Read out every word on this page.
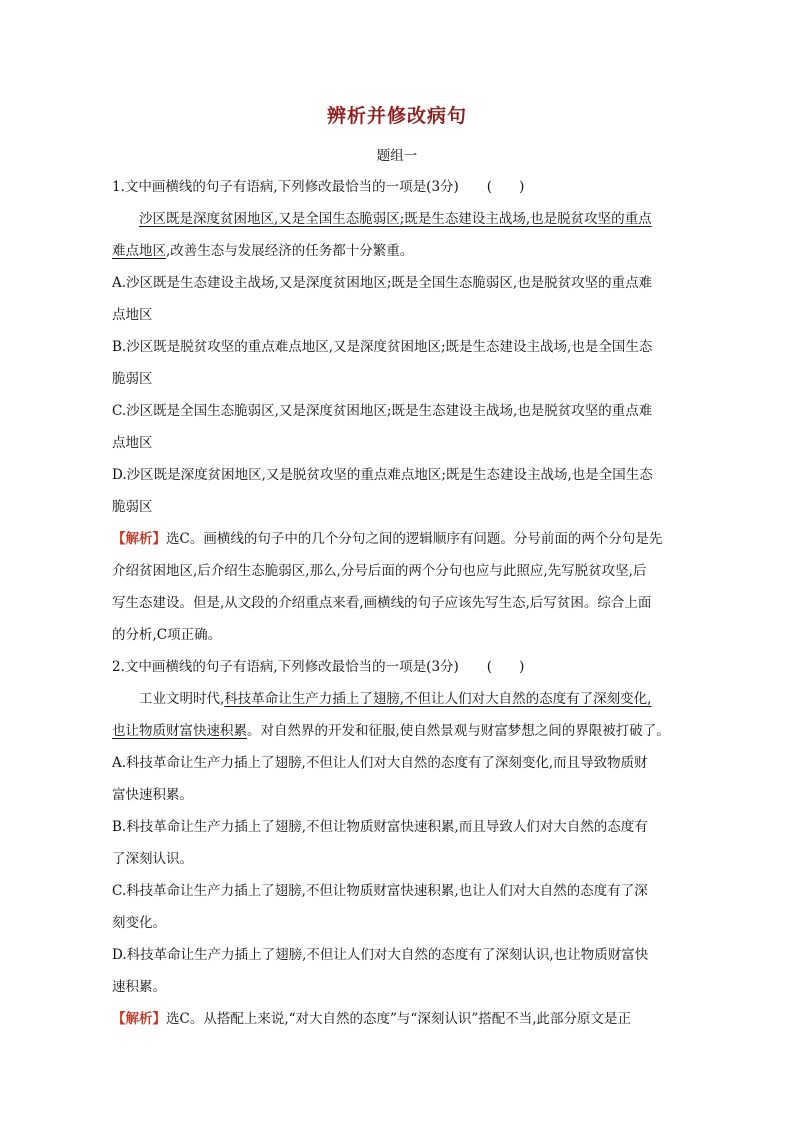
辨析并修改病句
题组一
1.文中画横线的句子有语病,下列修改最恰当的一项是(3分) (　　)
沙区既是深度贫困地区,又是全国生态脆弱区;既是生态建设主战场,也是脱贫攻坚的重点
难点地区,改善生态与发展经济的任务都十分繁重。
A.沙区既是生态建设主战场,又是深度贫困地区;既是全国生态脆弱区,也是脱贫攻坚的重点难
点地区
B.沙区既是脱贫攻坚的重点难点地区,又是深度贫困地区;既是生态建设主战场,也是全国生态
脆弱区
C.沙区既是全国生态脆弱区,又是深度贫困地区;既是生态建设主战场,也是脱贫攻坚的重点难
点地区
D.沙区既是深度贫困地区,又是脱贫攻坚的重点难点地区;既是生态建设主战场,也是全国生态
脆弱区
【解析】选C。画横线的句子中的几个分句之间的逻辑顺序有问题。分号前面的两个分句是先
介绍贫困地区,后介绍生态脆弱区,那么,分号后面的两个分句也应与此照应,先写脱贫攻坚,后
写生态建设。但是,从文段的介绍重点来看,画横线的句子应该先写生态,后写贫困。综合上面
的分析,C项正确。
2.文中画横线的句子有语病,下列修改最恰当的一项是(3分) (　　)
工业文明时代,科技革命让生产力插上了翅膀,不但让人们对大自然的态度有了深刻变化,
也让物质财富快速积累。对自然界的开发和征服,使自然景观与财富梦想之间的界限被打破了。
A.科技革命让生产力插上了翅膀,不但让人们对大自然的态度有了深刻变化,而且导致物质财
富快速积累。
B.科技革命让生产力插上了翅膀,不但让物质财富快速积累,而且导致人们对大自然的态度有
了深刻认识。
C.科技革命让生产力插上了翅膀,不但让物质财富快速积累,也让人们对大自然的态度有了深
刻变化。
D.科技革命让生产力插上了翅膀,不但让人们对大自然的态度有了深刻认识,也让物质财富快
速积累。
【解析】选C。从搭配上来说,“对大自然的态度”与“深刻认识”搭配不当,此部分原文是正
